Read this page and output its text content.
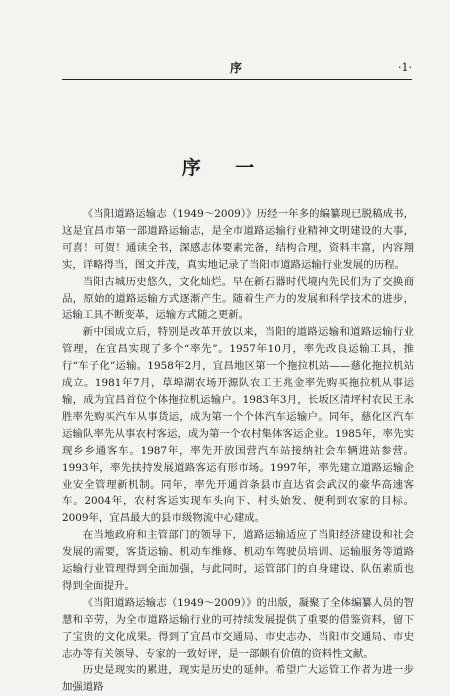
序	·1·
序 一

《当阳道路运输志（1949～2009）》历经一年多的编纂现已脱稿成书，这是宜昌市第一部道路运输志，是全市道路运输行业精神文明建设的大事，可喜！可贺！通读全书，深感志体要素完备，结构合理，资料丰富，内容翔实，详略得当，图文并茂，真实地记录了当阳市道路运输行业发展的历程。

当阳古城历史悠久，文化灿烂。早在新石器时代境内先民们为了交换商品，原始的道路运输方式逐渐产生。随着生产力的发展和科学技术的进步，运输工具不断变革，运输方式随之更新。

新中国成立后，特别是改革开放以来，当阳的道路运输和道路运输行业管理，在宜昌实现了多个“率先”。1957年10月，率先改良运输工具，推行“车子化”运输。1958年2月，宜昌地区第一个拖拉机站——慈化拖拉机站成立。1981年7月，草埠湖农场开源队农工王兆金率先购买拖拉机从事运输，成为宜昌首位个体拖拉机运输户。1983年3月，长坂区清坪村农民王永胜率先购买汽车从事货运，成为第一个个体汽车运输户。同年，慈化区汽车运输队率先从事农村客运，成为第一个农村集体客运企业。1985年，率先实现乡乡通客车。1987年，率先开放国营汽车站接纳社会车辆进站参营。1993年，率先扶持发展道路客运有形市场。1997年，率先建立道路运输企业安全管理新机制。同年，率先开通首条县市直达省会武汉的豪华高速客车。2004年，农村客运实现车头向下、村头始发、便利到农家的目标。2009年，宜昌最大的县市级物流中心建成。

在当地政府和主管部门的领导下，道路运输适应了当阳经济建设和社会发展的需要，客货运输、机动车维修、机动车驾驶员培训、运输服务等道路运输行业管理得到全面加强，与此同时，运管部门的自身建设、队伍素质也得到全面提升。

《当阳道路运输志（1949～2009）》的出版，凝聚了全体编纂人员的智慧和辛劳，为全市道路运输行业的可持续发展提供了重要的借鉴资料，留下了宝贵的文化成果。得到了宜昌市交通局、市史志办、当阳市交通局、市史志办等有关领导、专家的一致好评，是一部颇有价值的资料性文献。

历史是现实的累进，现实是历史的延伸。希望广大运管工作者为进一步加强道路
